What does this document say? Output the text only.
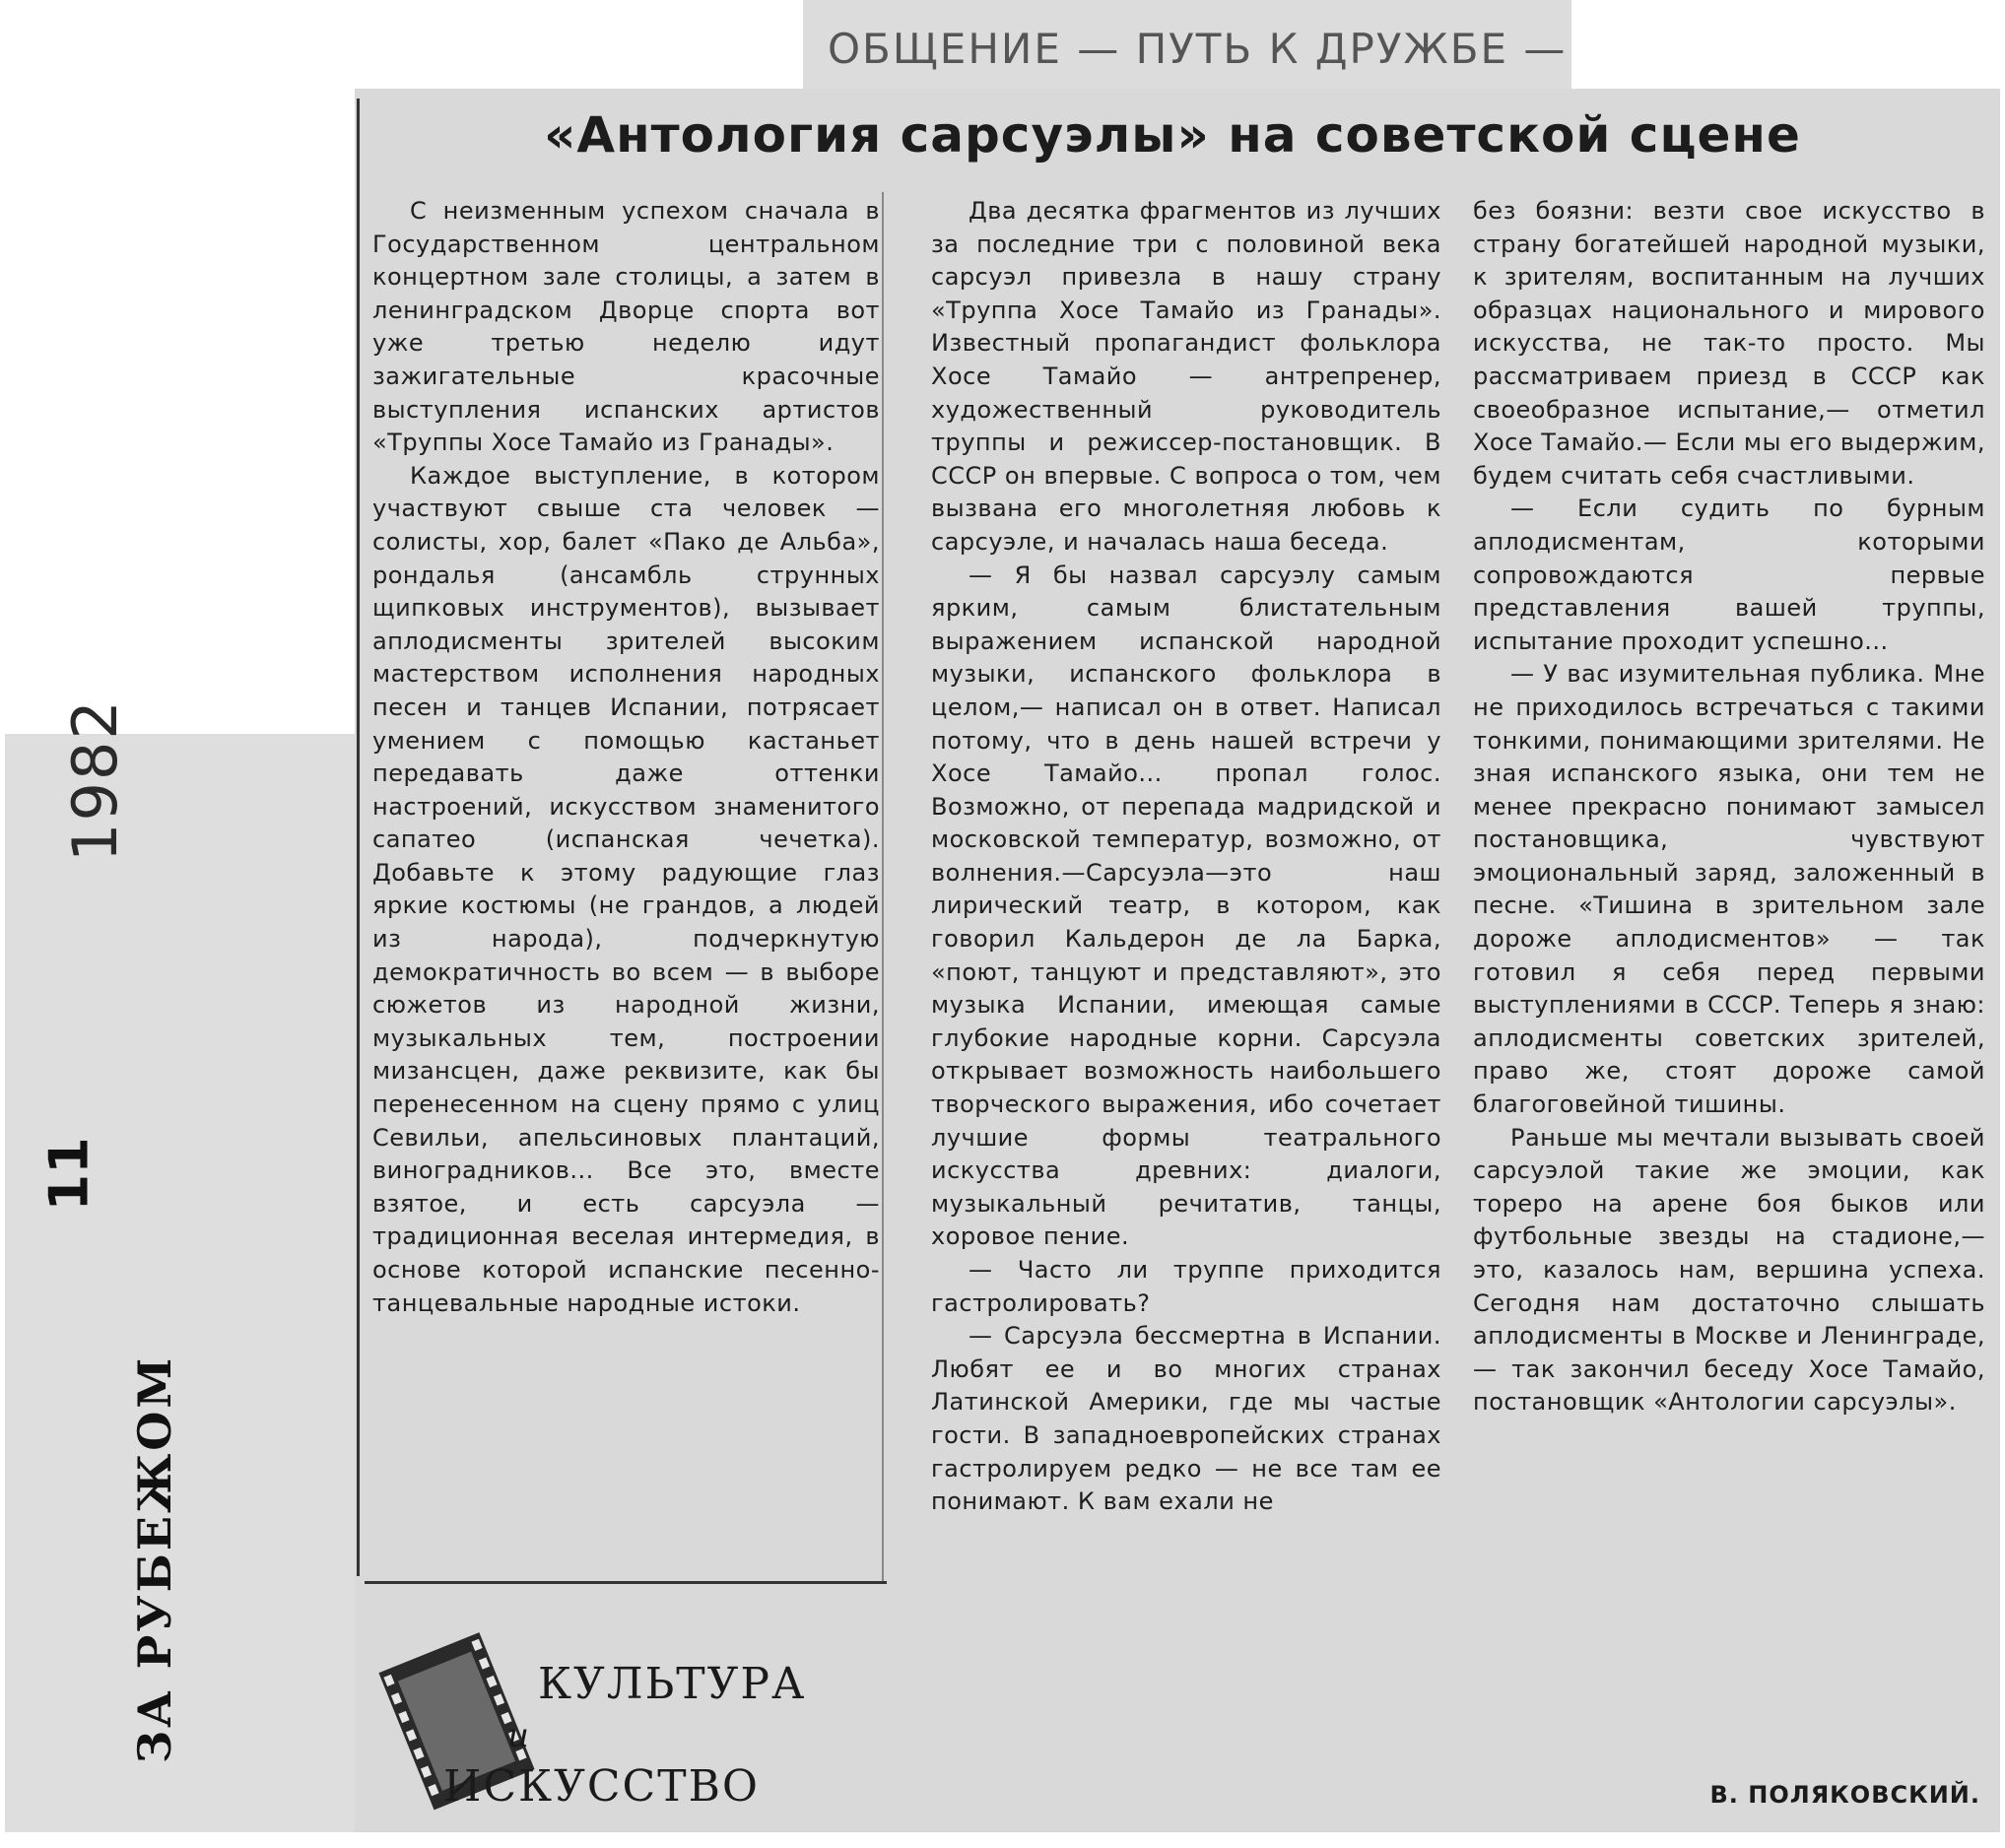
ОБЩЕНИЕ — ПУТЬ К ДРУЖБЕ —
«Антология сарсуэлы» на советской сцене

С неизменным успехом сначала в Государственном центральном концертном зале столицы, а затем в ленинградском Дворце спорта вот уже третью неделю идут зажигательные красочные выступления испанских артистов «Труппы Хосе Тамайо из Гранады».

Каждое выступление, в котором участвуют свыше ста человек — солисты, хор, балет «Пако де Альба», рондалья (ансамбль струнных щипковых инструментов), вызывает аплодисменты зрителей высоким мастерством исполнения народных песен и танцев Испании, потрясает умением с помощью кастаньет передавать даже оттенки настроений, искусством знаменитого сапатео (испанская чечетка). Добавьте к этому радующие глаз яркие костюмы (не грандов, а людей из народа), подчеркнутую демократичность во всем — в выборе сюжетов из народной жизни, музыкальных тем, построении мизансцен, даже реквизите, как бы перенесенном на сцену прямо с улиц Севильи, апельсиновых плантаций, виноградников... Все это, вместе взятое, и есть сарсуэла — традиционная веселая интермедия, в основе которой испанские песенно-танцевальные народные истоки.

Два десятка фрагментов из лучших за последние три с половиной века сарсуэл привезла в нашу страну «Труппа Хосе Тамайо из Гранады». Известный пропагандист фольклора Хосе Тамайо — антрепренер, художественный руководитель труппы и режиссер-постановщик. В СССР он впервые. С вопроса о том, чем вызвана его многолетняя любовь к сарсуэле, и началась наша беседа.

— Я бы назвал сарсуэлу самым ярким, самым блистательным выражением испанской народной музыки, испанского фольклора в целом,— написал он в ответ. Написал потому, что в день нашей встречи у Хосе Тамайо... пропал голос. Возможно, от перепада мадридской и московской температур, возможно, от волнения.—Сарсуэла—это наш лирический театр, в котором, как говорил Кальдерон де ла Барка, «поют, танцуют и представляют», это музыка Испании, имеющая самые глубокие народные корни. Сарсуэла открывает возможность наибольшего творческого выражения, ибо сочетает лучшие формы театрального искусства древних: диалоги, музыкальный речитатив, танцы, хоровое пение.

— Часто ли труппе приходится гастролировать?

— Сарсуэла бессмертна в Испании. Любят ее и во многих странах Латинской Америки, где мы частые гости. В западноевропейских странах гастролируем редко — не все там ее понимают. К вам ехали не

без боязни: везти свое искусство в страну богатейшей народной музыки, к зрителям, воспитанным на лучших образцах национального и мирового искусства, не так-то просто. Мы рассматриваем приезд в СССР как своеобразное испытание,— отметил Хосе Тамайо.— Если мы его выдержим, будем считать себя счастливыми.

— Если судить по бурным аплодисментам, которыми сопровождаются первые представления вашей труппы, испытание проходит успешно...

— У вас изумительная публика. Мне не приходилось встречаться с такими тонкими, понимающими зрителями. Не зная испанского языка, они тем не менее прекрасно понимают замысел постановщика, чувствуют эмоциональный заряд, заложенный в песне. «Тишина в зрительном зале дороже аплодисментов» — так готовил я себя перед первыми выступлениями в СССР. Теперь я знаю: аплодисменты советских зрителей, право же, стоят дороже самой благоговейной тишины.

Раньше мы мечтали вызывать своей сарсуэлой такие же эмоции, как тореро на арене боя быков или футбольные звезды на стадионе,— это, казалось нам, вершина успеха. Сегодня нам достаточно слышать аплодисменты в Москве и Ленинграде, — так закончил беседу Хосе Тамайо, постановщик «Антологии сарсуэлы».

В. ПОЛЯКОВСКИЙ.
1982
11
ЗА РУБЕЖОМ	КУЛЬТУРА
и
ИСКУССТВО
